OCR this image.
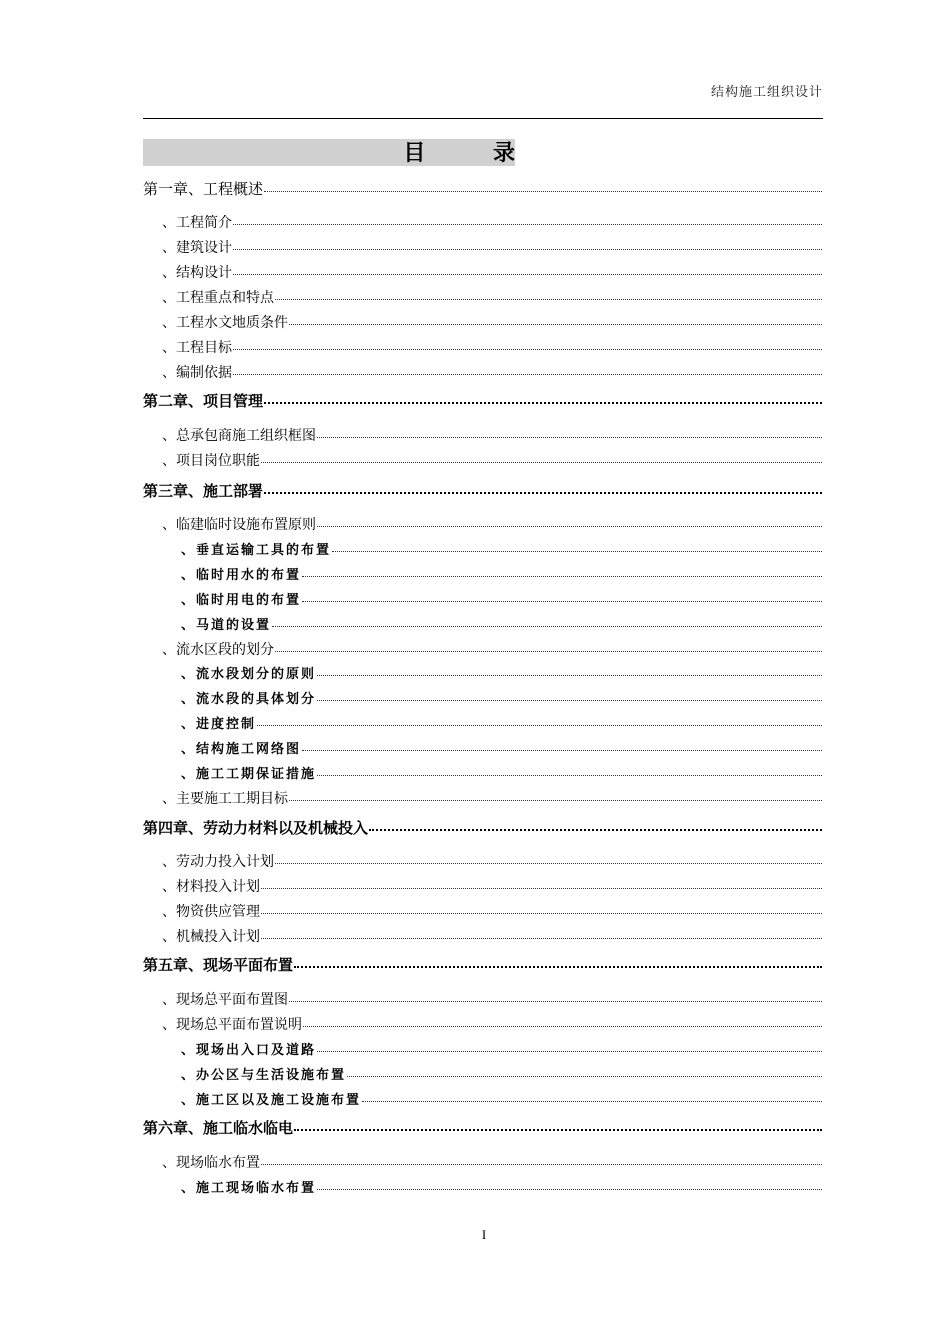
结构施工组织设计
目 录
第一章、工程概述
、工程简介
、建筑设计
、结构设计
、工程重点和特点
、工程水文地质条件
、工程目标
、编制依据
第二章、项目管理
、总承包商施工组织框图
、项目岗位职能
第三章、施工部署
、临建临时设施布置原则
、垂直运输工具的布置
、临时用水的布置
、临时用电的布置
、马道的设置
、流水区段的划分
、流水段划分的原则
、流水段的具体划分
、进度控制
、结构施工网络图
、施工工期保证措施
、主要施工工期目标
第四章、劳动力材料以及机械投入
、劳动力投入计划
、材料投入计划
、物资供应管理
、机械投入计划
第五章、现场平面布置
、现场总平面布置图
、现场总平面布置说明
、现场出入口及道路
、办公区与生活设施布置
、施工区以及施工设施布置
第六章、施工临水临电
、现场临水布置
、施工现场临水布置
I
